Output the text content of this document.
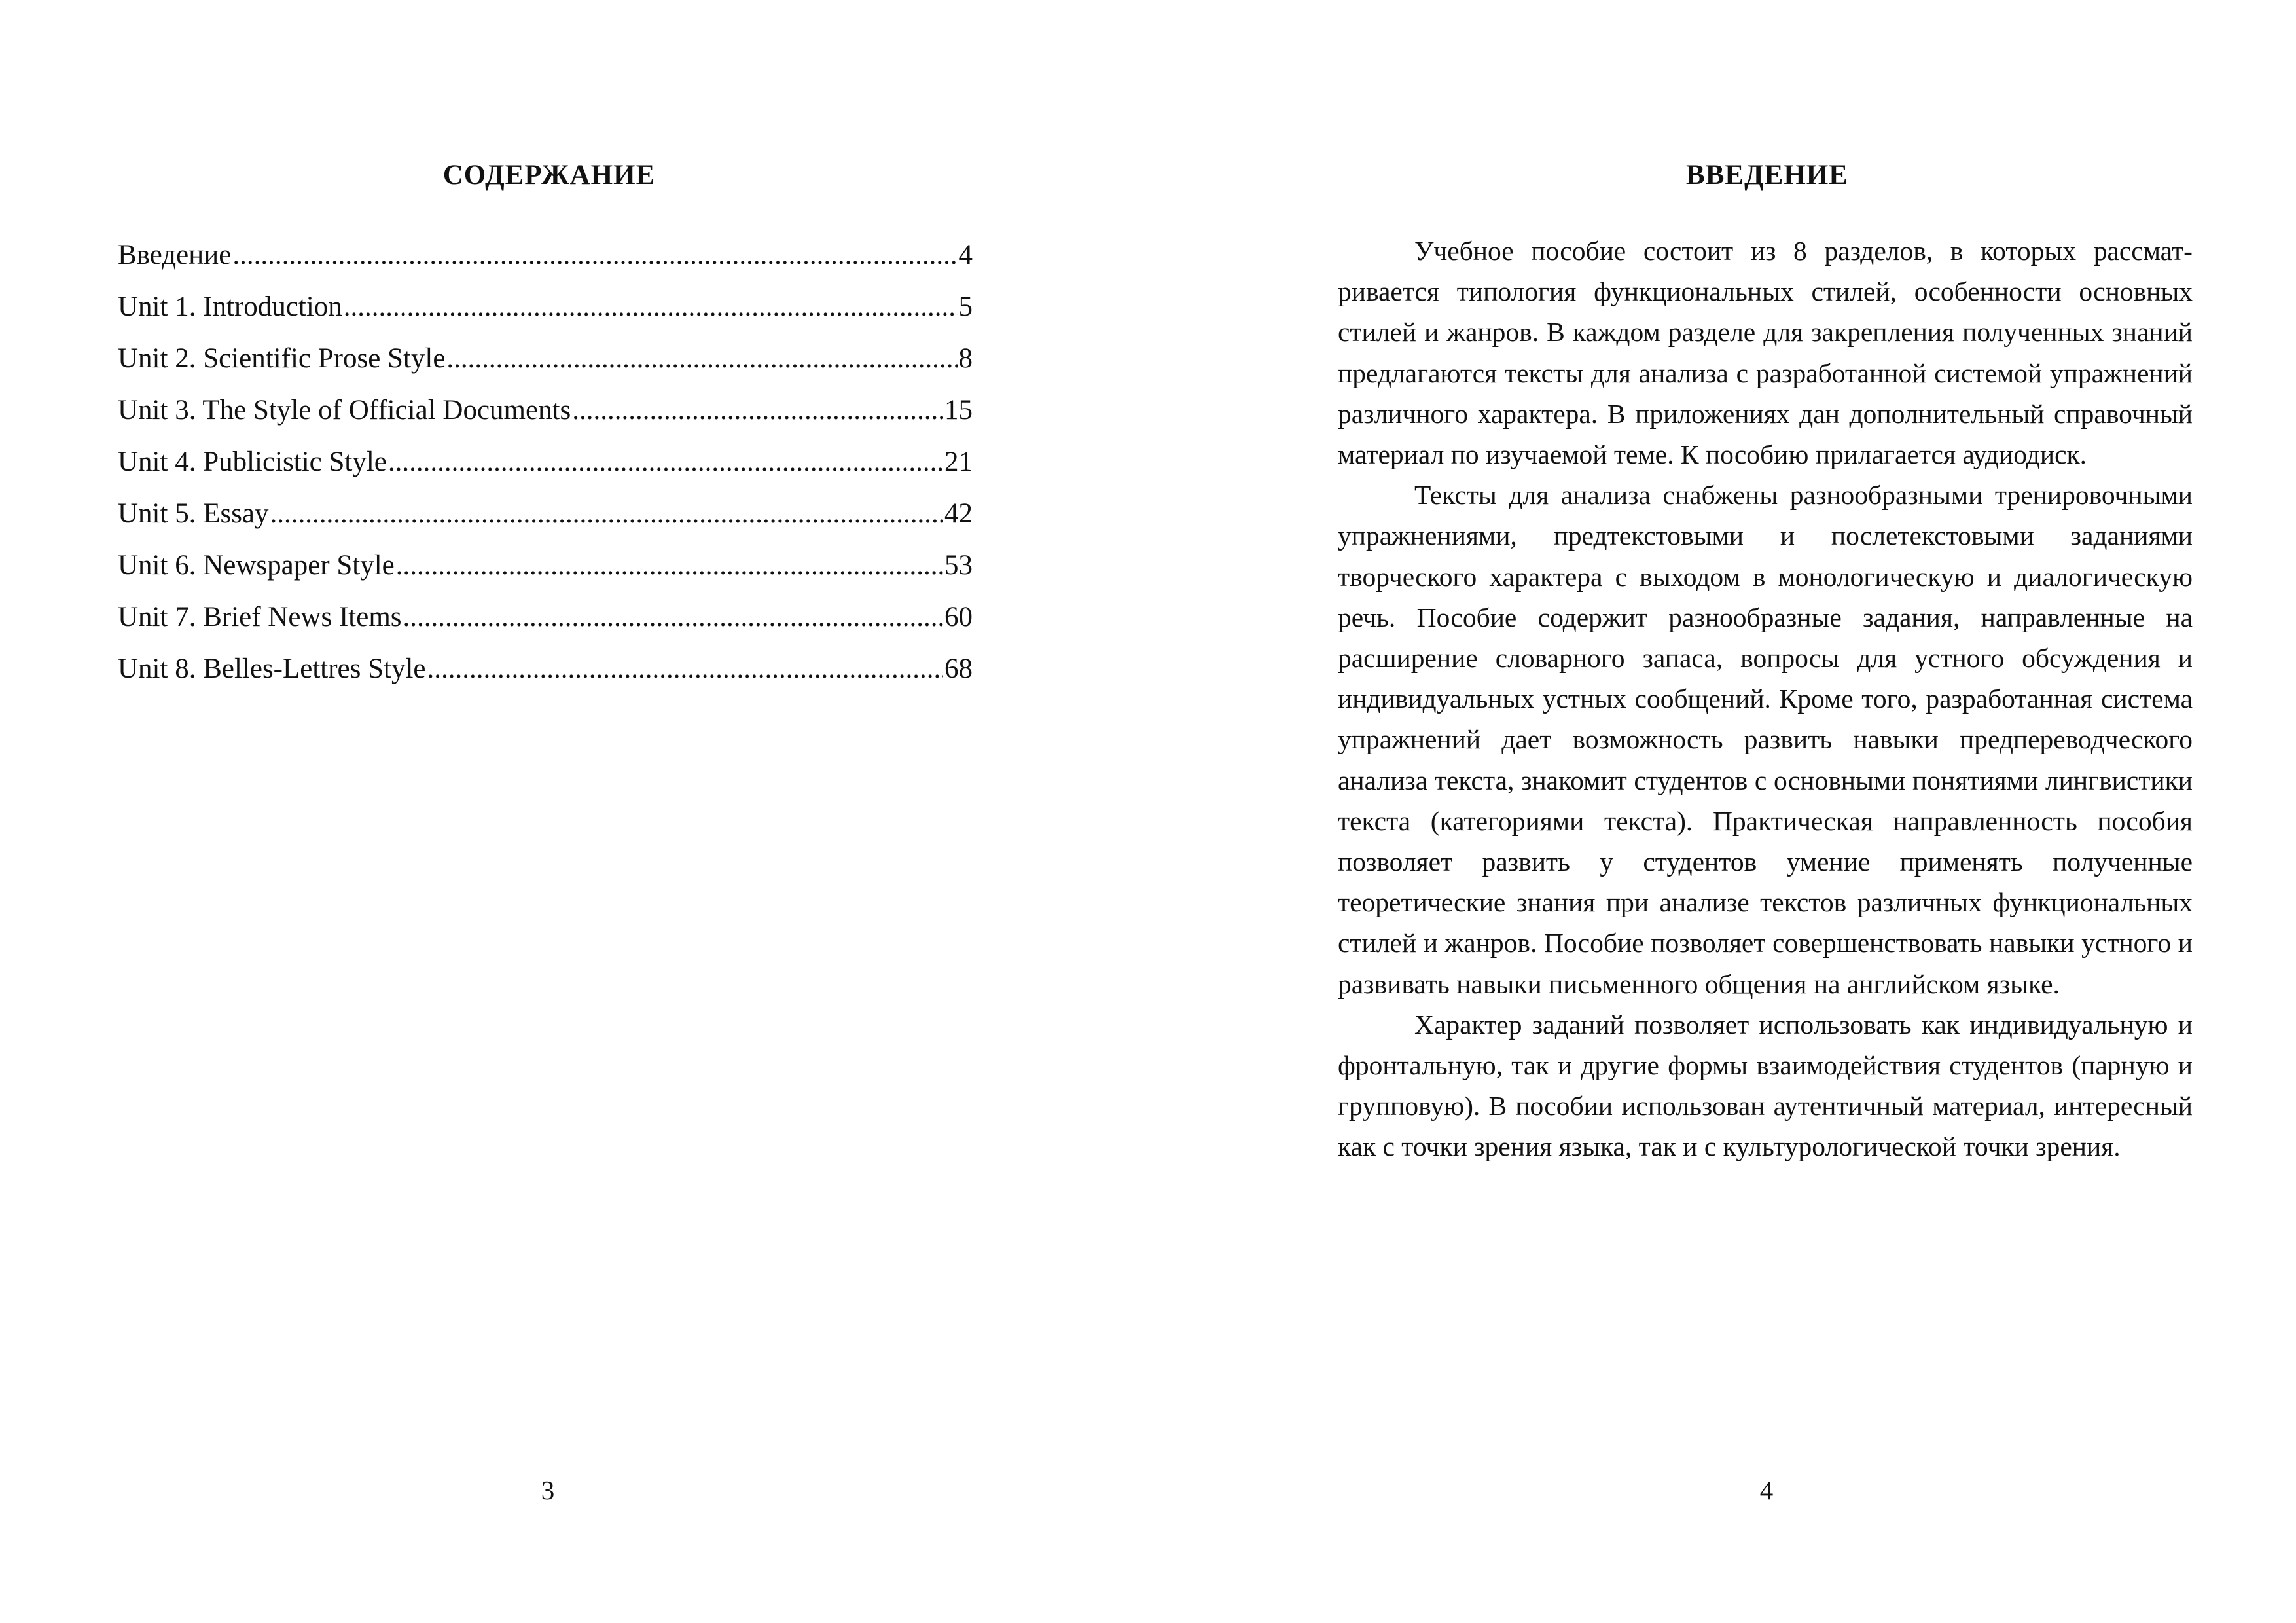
СОДЕРЖАНИЕ
Введение .....	4
Unit 1. Introduction .....	5
Unit 2. Scientific Prose Style .....	8
Unit 3. The Style of Official Documents .....	15
Unit 4. Publicistic Style .....	21
Unit 5. Essay .....	42
Unit 6. Newspaper Style .....	53
Unit 7. Brief News Items .....	60
Unit 8. Belles-Lettres Style .....	68
3
ВВЕДЕНИЕ

Учебное пособие состоит из 8 разделов, в которых рассматривается типология функциональных стилей, особенности основных стилей и жанров. В каждом разделе для закрепления полученных знаний предлагаются тексты для анализа с разработанной системой упражнений различного характера. В приложениях дан дополнительный справочный материал по изучаемой теме. К пособию прилагается аудиодиск.

Тексты для анализа снабжены разнообразными тренировочными упражнениями, предтекстовыми и послетекстовыми заданиями творческого характера с выходом в монологическую и диалогическую речь. Пособие содержит разнообразные задания, направленные на расширение словарного запаса, вопросы для устного обсуждения и индивидуальных устных сообщений. Кроме того, разработанная система упражнений дает возможность развить навыки предпереводческого анализа текста, знакомит студентов с основными понятиями лингвистики текста (категориями текста). Практическая направленность пособия позволяет развить у студентов умение применять полученные теоретические знания при анализе текстов различных функциональных стилей и жанров. Пособие позволяет совершенствовать навыки устного и развивать навыки письменного общения на английском языке.

Характер заданий позволяет использовать как индивидуальную и фронтальную, так и другие формы взаимодействия студентов (парную и групповую). В пособии использован аутентичный материал, интересный как с точки зрения языка, так и с культурологической точки зрения.

4
